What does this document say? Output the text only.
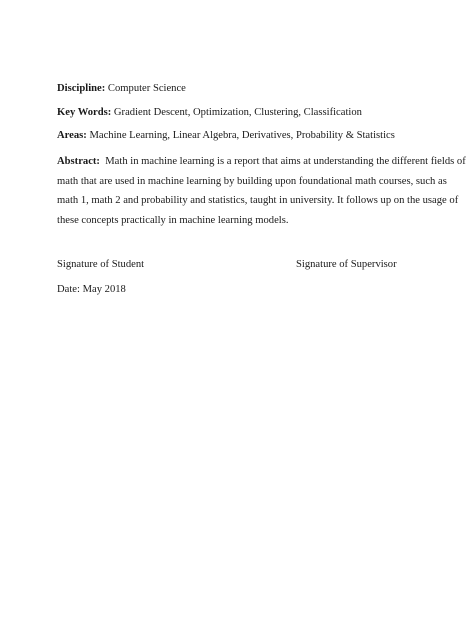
Discipline: Computer Science
Key Words: Gradient Descent, Optimization, Clustering, Classification
Areas: Machine Learning, Linear Algebra, Derivatives, Probability & Statistics
Abstract: Math in machine learning is a report that aims at understanding the different fields of
math that are used in machine learning by building upon foundational math courses, such as
math 1, math 2 and probability and statistics, taught in university. It follows up on the usage of
these concepts practically in machine learning models.
Signature of Student	Signature of Supervisor
Date: May 2018
